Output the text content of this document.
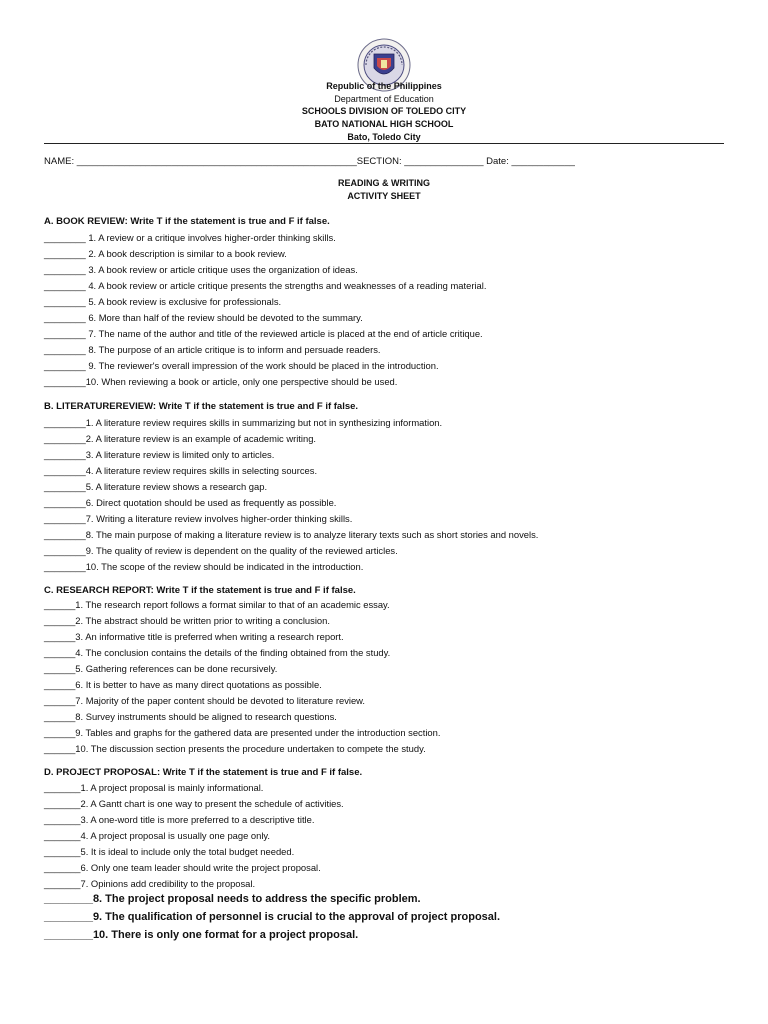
Republic of the Philippines
Department of Education
SCHOOLS DIVISION OF TOLEDO CITY
BATO NATIONAL HIGH SCHOOL
Bato, Toledo City
NAME: _____________________________________________________SECTION: _______________ Date: ____________
READING & WRITING
ACTIVITY SHEET
A. BOOK REVIEW: Write T if the statement is true and F if false.
________ 1. A review or a critique involves higher-order thinking skills.
________ 2. A book description is similar to a book review.
________ 3. A book review or article critique uses the organization of ideas.
________ 4. A book review or article critique presents the strengths and weaknesses of a reading material.
________ 5. A book review is exclusive for professionals.
________ 6. More than half of the review should be devoted to the summary.
________ 7. The name of the author and title of the reviewed article is placed at the end of article critique.
________ 8. The purpose of an article critique is to inform and persuade readers.
________ 9. The reviewer's overall impression of the work should be placed in the introduction.
________10. When reviewing a book or article, only one perspective should be used.
B. LITERATUREREVIEW: Write T if the statement is true and F if false.
________1. A literature review requires skills in summarizing but not in synthesizing information.
________2. A literature review is an example of academic writing.
________3. A literature review is limited only to articles.
________4. A literature review requires skills in selecting sources.
________5. A literature review shows a research gap.
________6. Direct quotation should be used as frequently as possible.
________7. Writing a literature review involves higher-order thinking skills.
________8. The main purpose of making a literature review is to analyze literary texts such as short stories and novels.
________9. The quality of review is dependent on the quality of the reviewed articles.
________10. The scope of the review should be indicated in the introduction.
C. RESEARCH REPORT: Write T if the statement is true and F if false.
______1. The research report follows a format similar to that of an academic essay.
______2. The abstract should be written prior to writing a conclusion.
______3. An informative title is preferred when writing a research report.
______4. The conclusion contains the details of the finding obtained from the study.
______5. Gathering references can be done recursively.
______6. It is better to have as many direct quotations as possible.
______7. Majority of the paper content should be devoted to literature review.
______8. Survey instruments should be aligned to research questions.
______9. Tables and graphs for the gathered data are presented under the introduction section.
______10. The discussion section presents the procedure undertaken to compete the study.
D. PROJECT PROPOSAL: Write T if the statement is true and F if false.
_______1. A project proposal is mainly informational.
_______2. A Gantt chart is one way to present the schedule of activities.
_______3. A one-word title is more preferred to a descriptive title.
_______4. A project proposal is usually one page only.
_______5. It is ideal to include only the total budget needed.
_______6. Only one team leader should write the project proposal.
_______7. Opinions add credibility to the proposal.
________8. The project proposal needs to address the specific problem.
________9. The qualification of personnel is crucial to the approval of project proposal.
________10. There is only one format for a project proposal.
